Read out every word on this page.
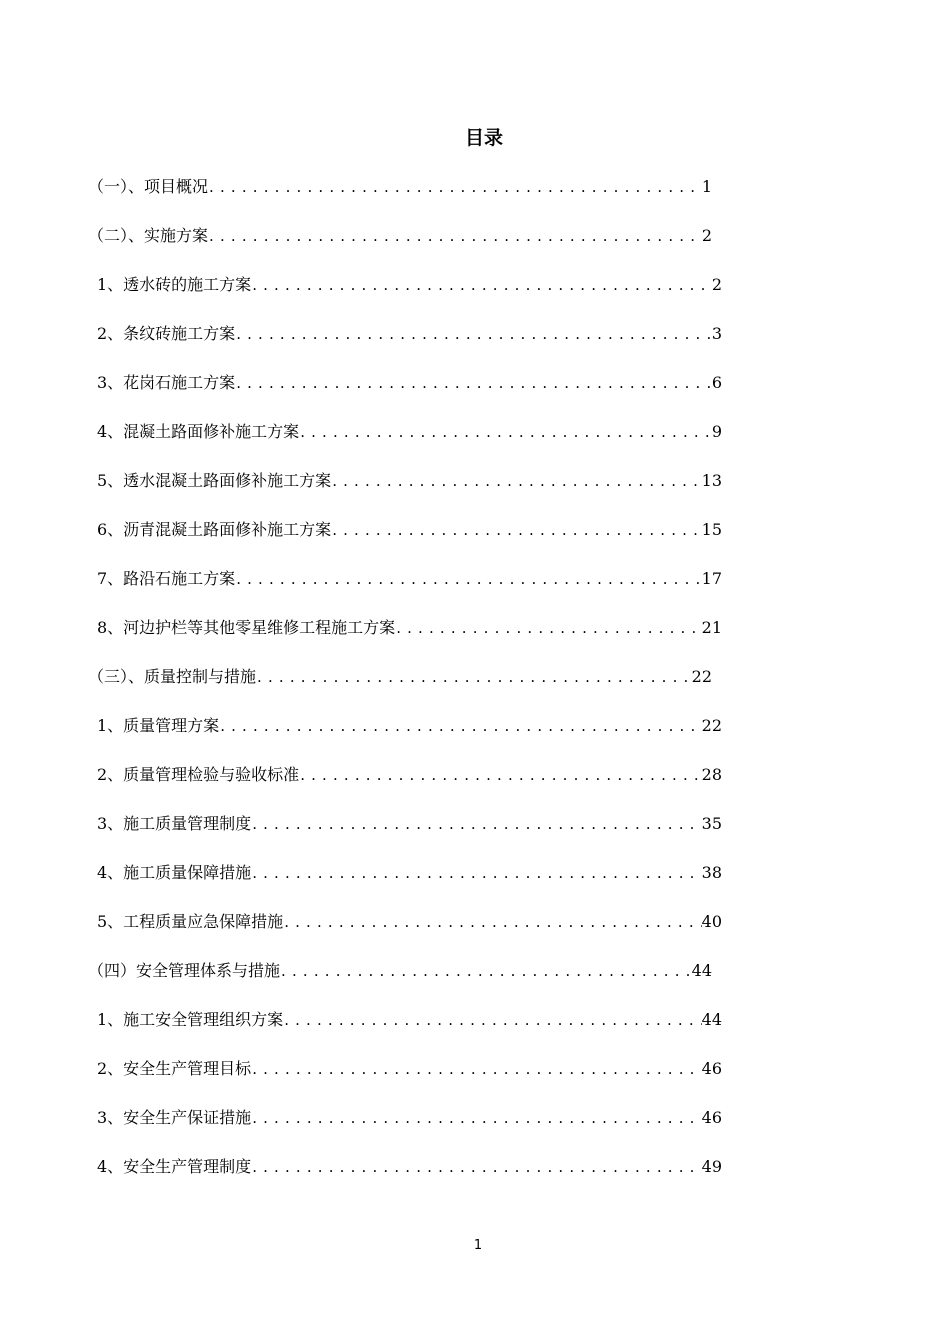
目录
（一）、项目概况 . . .	1
（二）、实施方案 . . .	2
1、透水砖的施工方案 . . .	2
2、条纹砖施工方案 . . .	3
3、花岗石施工方案 . . .	6
4、混凝土路面修补施工方案 . . .	9
5、透水混凝土路面修补施工方案 . . .	13
6、沥青混凝土路面修补施工方案 . . .	15
7、路沿石施工方案 . . .	17
8、河边护栏等其他零星维修工程施工方案 . . .	21
（三）、质量控制与措施 . . .	22
1、质量管理方案 . . .	22
2、质量管理检验与验收标准 . . .	28
3、施工质量管理制度 . . .	35
4、施工质量保障措施 . . .	38
5、工程质量应急保障措施 . . .	40
（四）安全管理体系与措施 . . .	44
1、施工安全管理组织方案 . . .	44
2、安全生产管理目标 . . .	46
3、安全生产保证措施 . . .	46
4、安全生产管理制度 . . .	49
1
